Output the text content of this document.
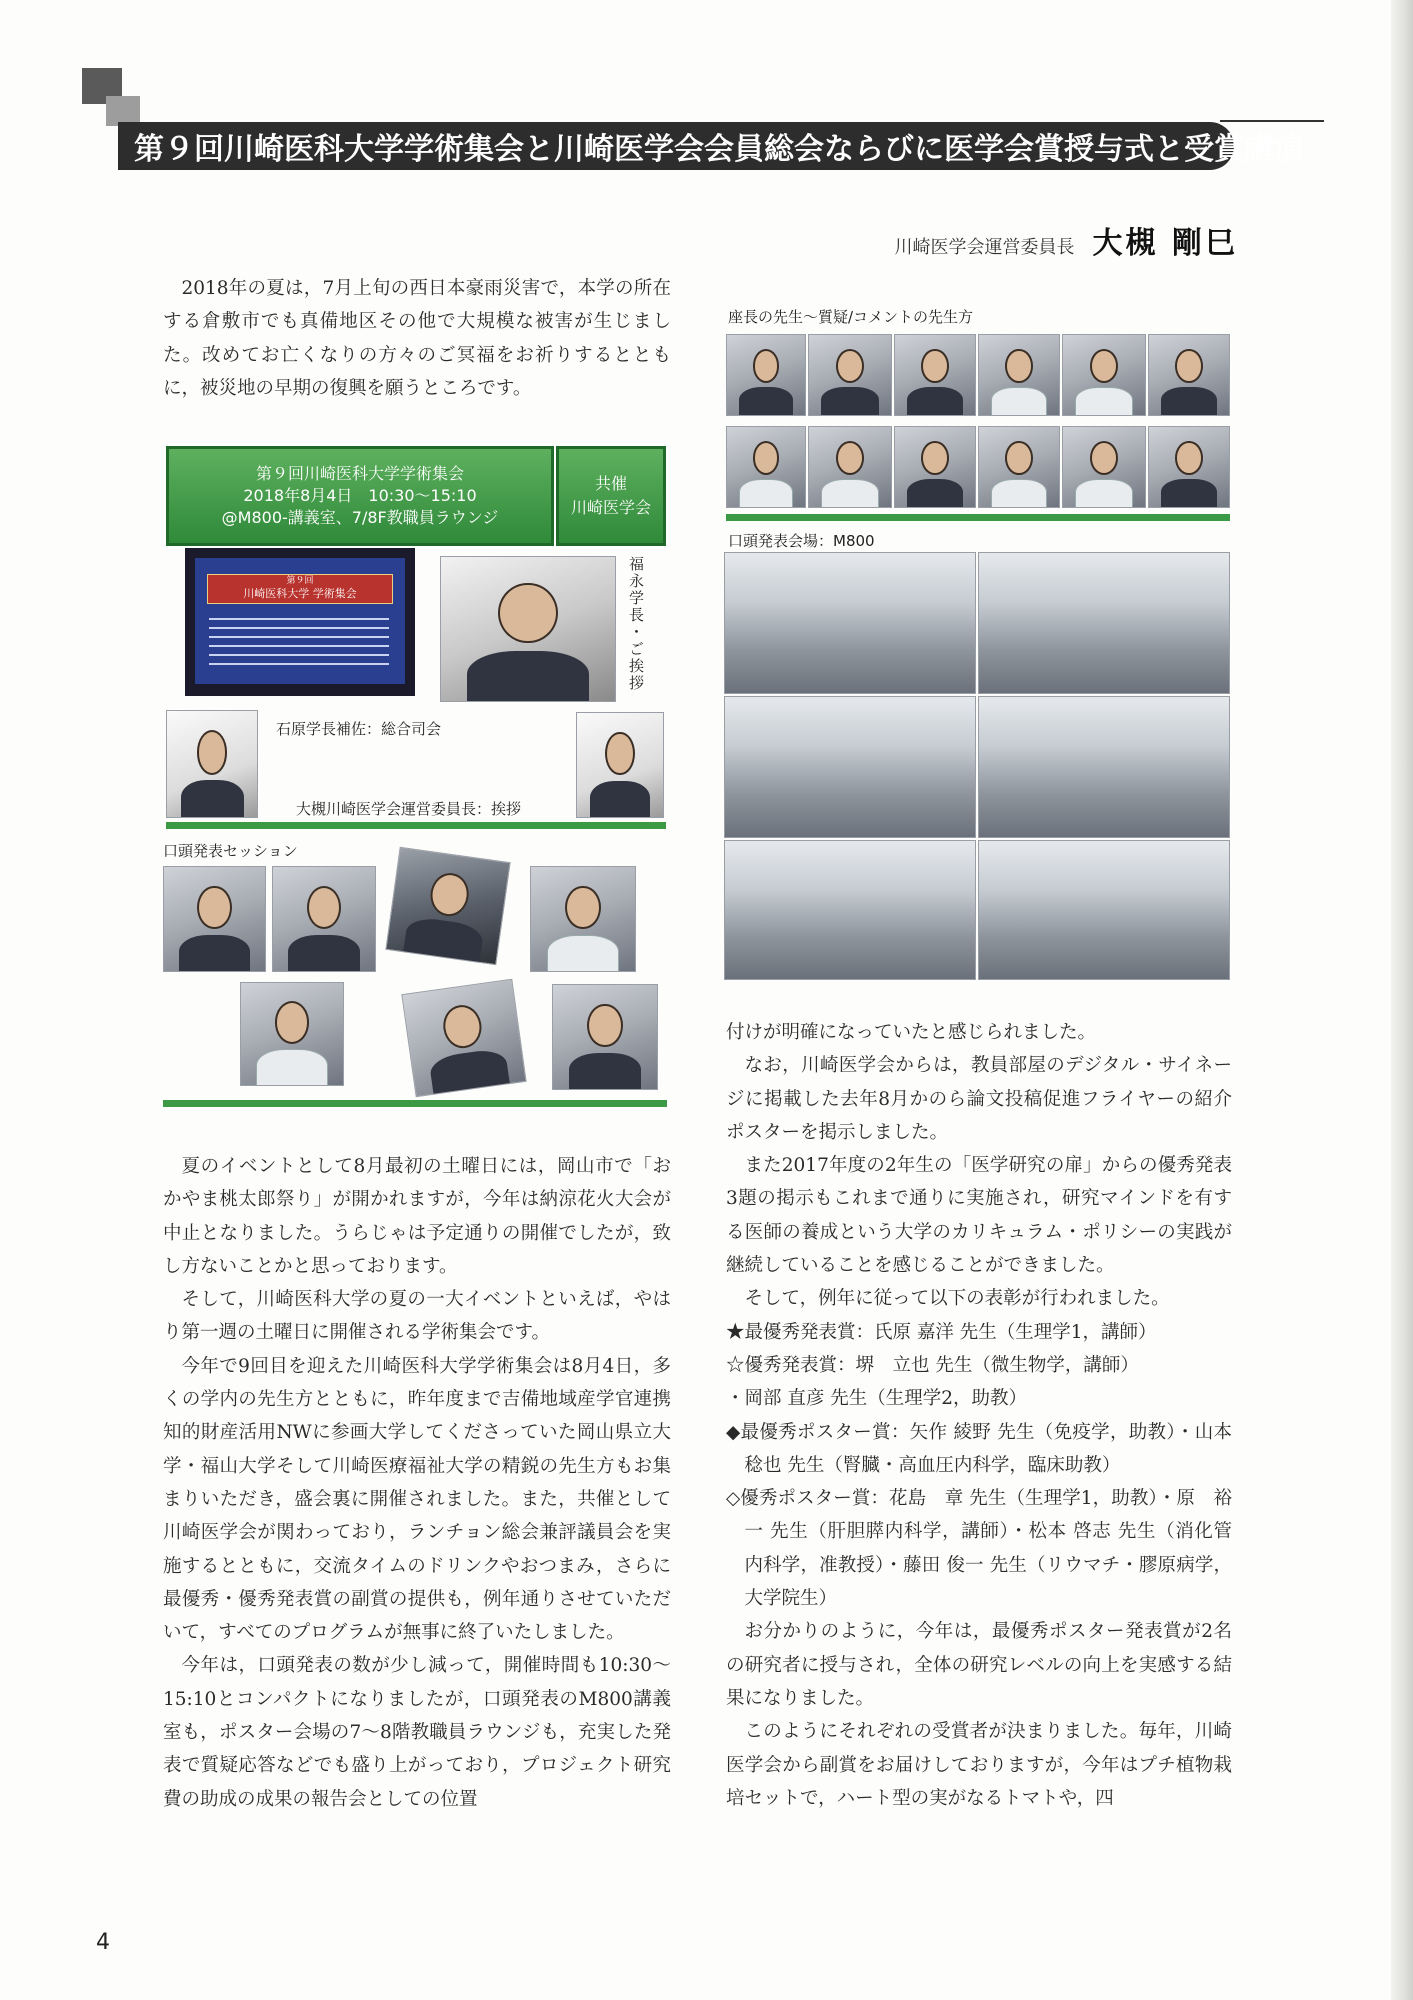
第９回川崎医科大学学術集会と川崎医学会会員総会ならびに医学会賞授与式と受賞講演
川崎医学会運営委員長 大槻 剛巳

2018年の夏は，7月上旬の西日本豪雨災害で，本学の所在する倉敷市でも真備地区その他で大規模な被害が生じました。改めてお亡くなりの方々のご冥福をお祈りするとともに，被災地の早期の復興を願うところです。

第９回川崎医科大学学術集会
2018年8月4日　10:30～15:10
@M800-講義室、7/8F教職員ラウンジ
共催
川崎医学会
第９回
川崎医科大学 学術集会	福永学長・ご挨拶
石原学長補佐：総合司会
大槻川崎医学会運営委員長：挨拶
口頭発表セッション

夏のイベントとして8月最初の土曜日には，岡山市で「おかやま桃太郎祭り」が開かれますが，今年は納涼花火大会が中止となりました。うらじゃは予定通りの開催でしたが，致し方ないことかと思っております。

そして，川崎医科大学の夏の一大イベントといえば，やはり第一週の土曜日に開催される学術集会です。

今年で9回目を迎えた川崎医科大学学術集会は8月4日，多くの学内の先生方とともに，昨年度まで吉備地域産学官連携知的財産活用NWに参画大学してくださっていた岡山県立大学・福山大学そして川崎医療福祉大学の精鋭の先生方もお集まりいただき，盛会裏に開催されました。また，共催として川崎医学会が関わっており，ランチョン総会兼評議員会を実施するとともに，交流タイムのドリンクやおつまみ，さらに最優秀・優秀発表賞の副賞の提供も，例年通りさせていただいて，すべてのプログラムが無事に終了いたしました。

今年は，口頭発表の数が少し減って，開催時間も10:30～15:10とコンパクトになりましたが，口頭発表のM800講義室も，ポスター会場の7～8階教職員ラウンジも，充実した発表で質疑応答などでも盛り上がっており，プロジェクト研究費の助成の成果の報告会としての位置

座長の先生～質疑/コメントの先生方
口頭発表会場：M800

付けが明確になっていたと感じられました。

なお，川崎医学会からは，教員部屋のデジタル・サイネージに掲載した去年8月かのら論文投稿促進フライヤーの紹介ポスターを掲示しました。

また2017年度の2年生の「医学研究の扉」からの優秀発表3題の掲示もこれまで通りに実施され，研究マインドを有する医師の養成という大学のカリキュラム・ポリシーの実践が継続していることを感じることができました。

そして，例年に従って以下の表彰が行われました。

★最優秀発表賞：氏原 嘉洋 先生（生理学1，講師）

☆優秀発表賞：堺　立也 先生（微生物学，講師）

・岡部 直彦 先生（生理学2，助教）

◆最優秀ポスター賞：矢作 綾野 先生（免疫学，助教）・山本 稔也 先生（腎臓・高血圧内科学，臨床助教）

◇優秀ポスター賞：花島　章 先生（生理学1，助教）・原　裕一 先生（肝胆膵内科学，講師）・松本 啓志 先生（消化管内科学，准教授）・藤田 俊一 先生（リウマチ・膠原病学，大学院生）

お分かりのように，今年は，最優秀ポスター発表賞が2名の研究者に授与され，全体の研究レベルの向上を実感する結果になりました。

このようにそれぞれの受賞者が決まりました。毎年，川崎医学会から副賞をお届けしておりますが，今年はプチ植物栽培セットで，ハート型の実がなるトマトや，四

4
